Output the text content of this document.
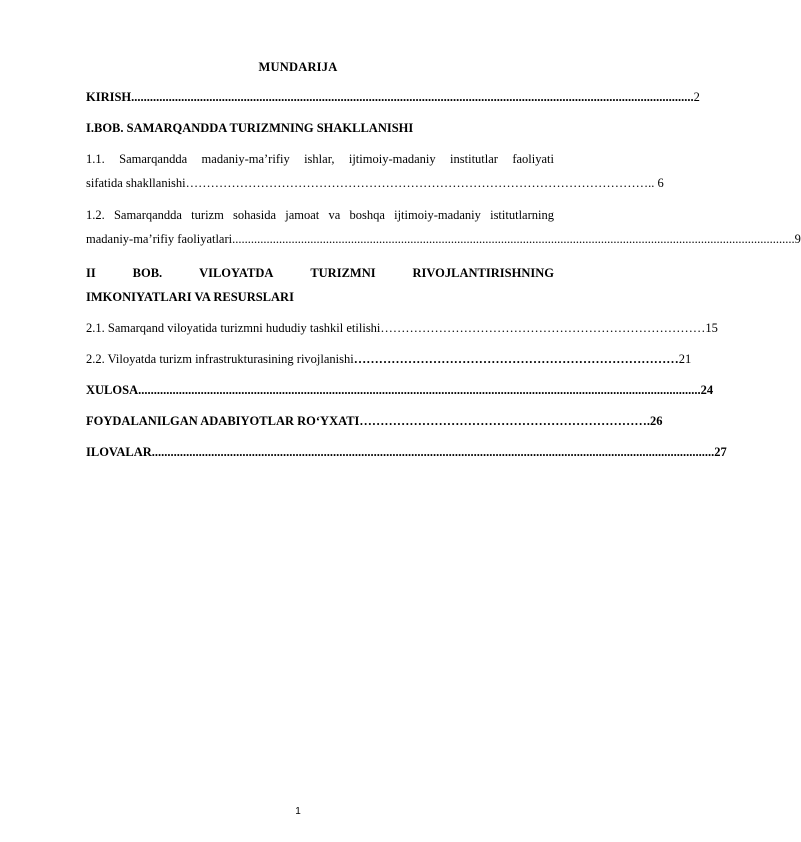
MUNDARIJA
KIRISH .................................................................................................................................................................................... 2
I.BOB. SAMARQANDDA TURIZMNING SHAKLLANISHI
1.1. Samarqandda madaniy-ma’rifiy ishlar, ijtimoiy-madaniy institutlar faoliyati
sifatida shakllanishi ………………………………………………………………………………………………… .. 6
1.2. Samarqandda turizm sohasida jamoat va boshqa ijtimoiy-madaniy istitutlarning
madaniy-ma’rifiy faoliyatlari .................................................................................................................................................................................... 9
II	BOB.	VILOYATDA	TURIZMNI	RIVOJLANTIRISHNING
IMKONIYATLARI VA RESURSLARI
2.1. Samarqand viloyatida turizmni hududiy tashkil etilishi …………………………………………………………………… 15
2.2. Viloyatda turizm infrastrukturasining rivojlanishi …………………………………………………………………… 21
XULOSA .................................................................................................................................................................................... 24
FOYDALANILGAN ADABIYOTLAR RO‘YXATI …………………………………………………………… .26
ILOVALAR .................................................................................................................................................................................... 27
1
